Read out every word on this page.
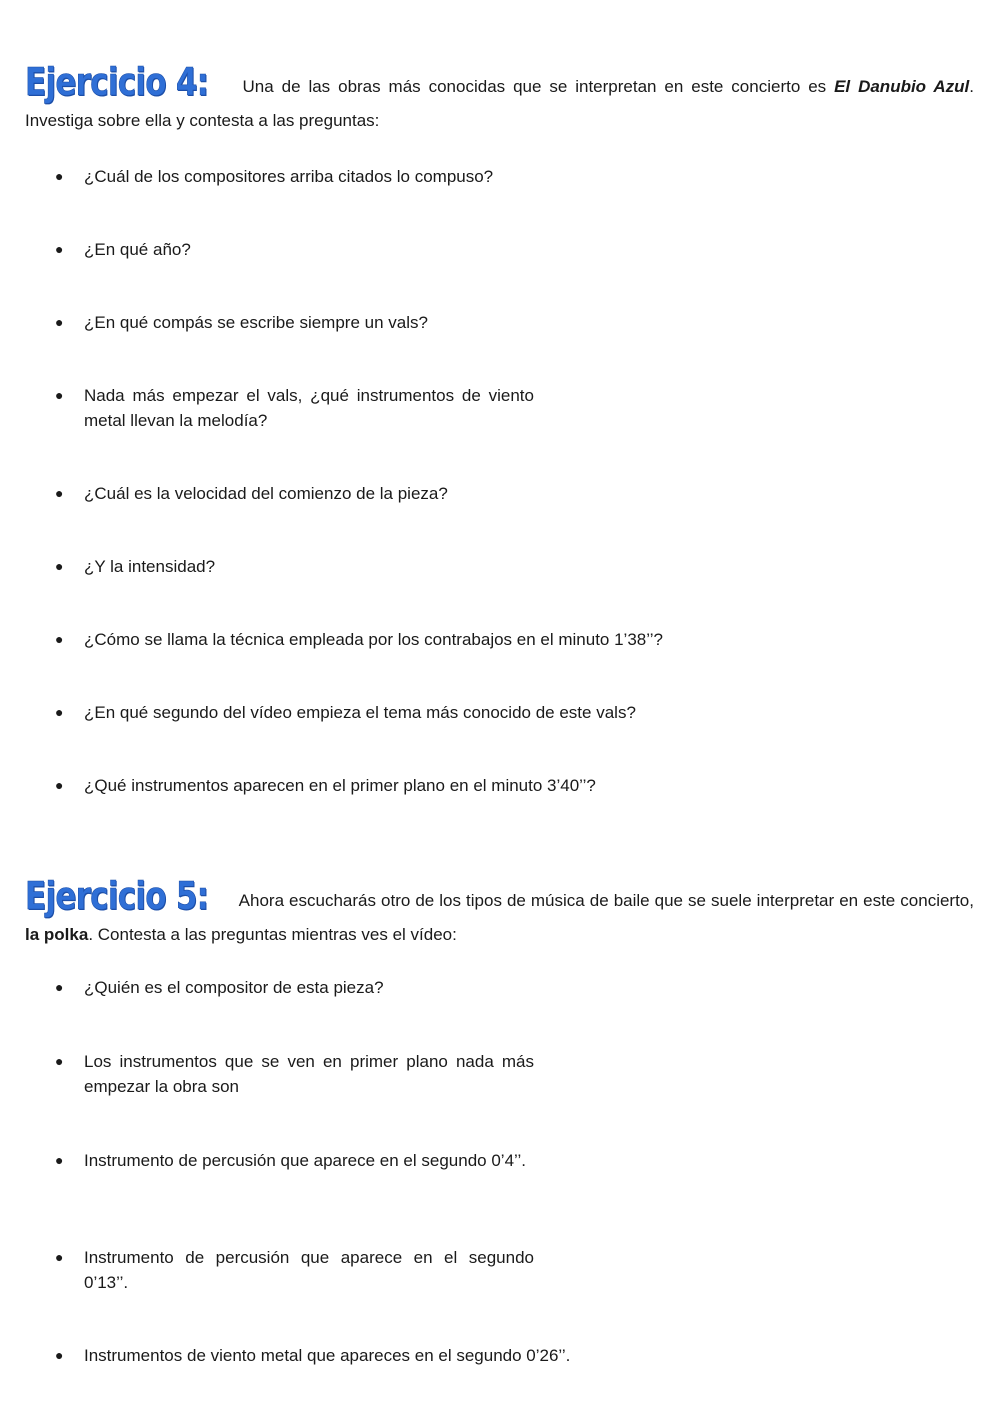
Ejercicio 4: Una de las obras más conocidas que se interpretan en este concierto es El Danubio Azul. Investiga sobre ella y contesta a las preguntas:
● ¿Cuál de los compositores arriba citados lo compuso?
● ¿En qué año?
● ¿En qué compás se escribe siempre un vals?
● Nada más empezar el vals, ¿qué instrumentos de viento metal llevan la melodía?
● ¿Cuál es la velocidad del comienzo de la pieza?
● ¿Y la intensidad?
● ¿Cómo se llama la técnica empleada por los contrabajos en el minuto 1’38’’?
● ¿En qué segundo del vídeo empieza el tema más conocido de este vals?
● ¿Qué instrumentos aparecen en el primer plano en el minuto 3’40’’?
Ejercicio 5: Ahora escucharás otro de los tipos de música de baile que se suele interpretar en este concierto, la polka. Contesta a las preguntas mientras ves el vídeo:
● ¿Quién es el compositor de esta pieza?
● Los instrumentos que se ven en primer plano nada más empezar la obra son
● Instrumento de percusión que aparece en el segundo 0’4’’.
● Instrumento de percusión que aparece en el segundo 0’13’’.
● Instrumentos de viento metal que apareces en el segundo 0’26’’.
